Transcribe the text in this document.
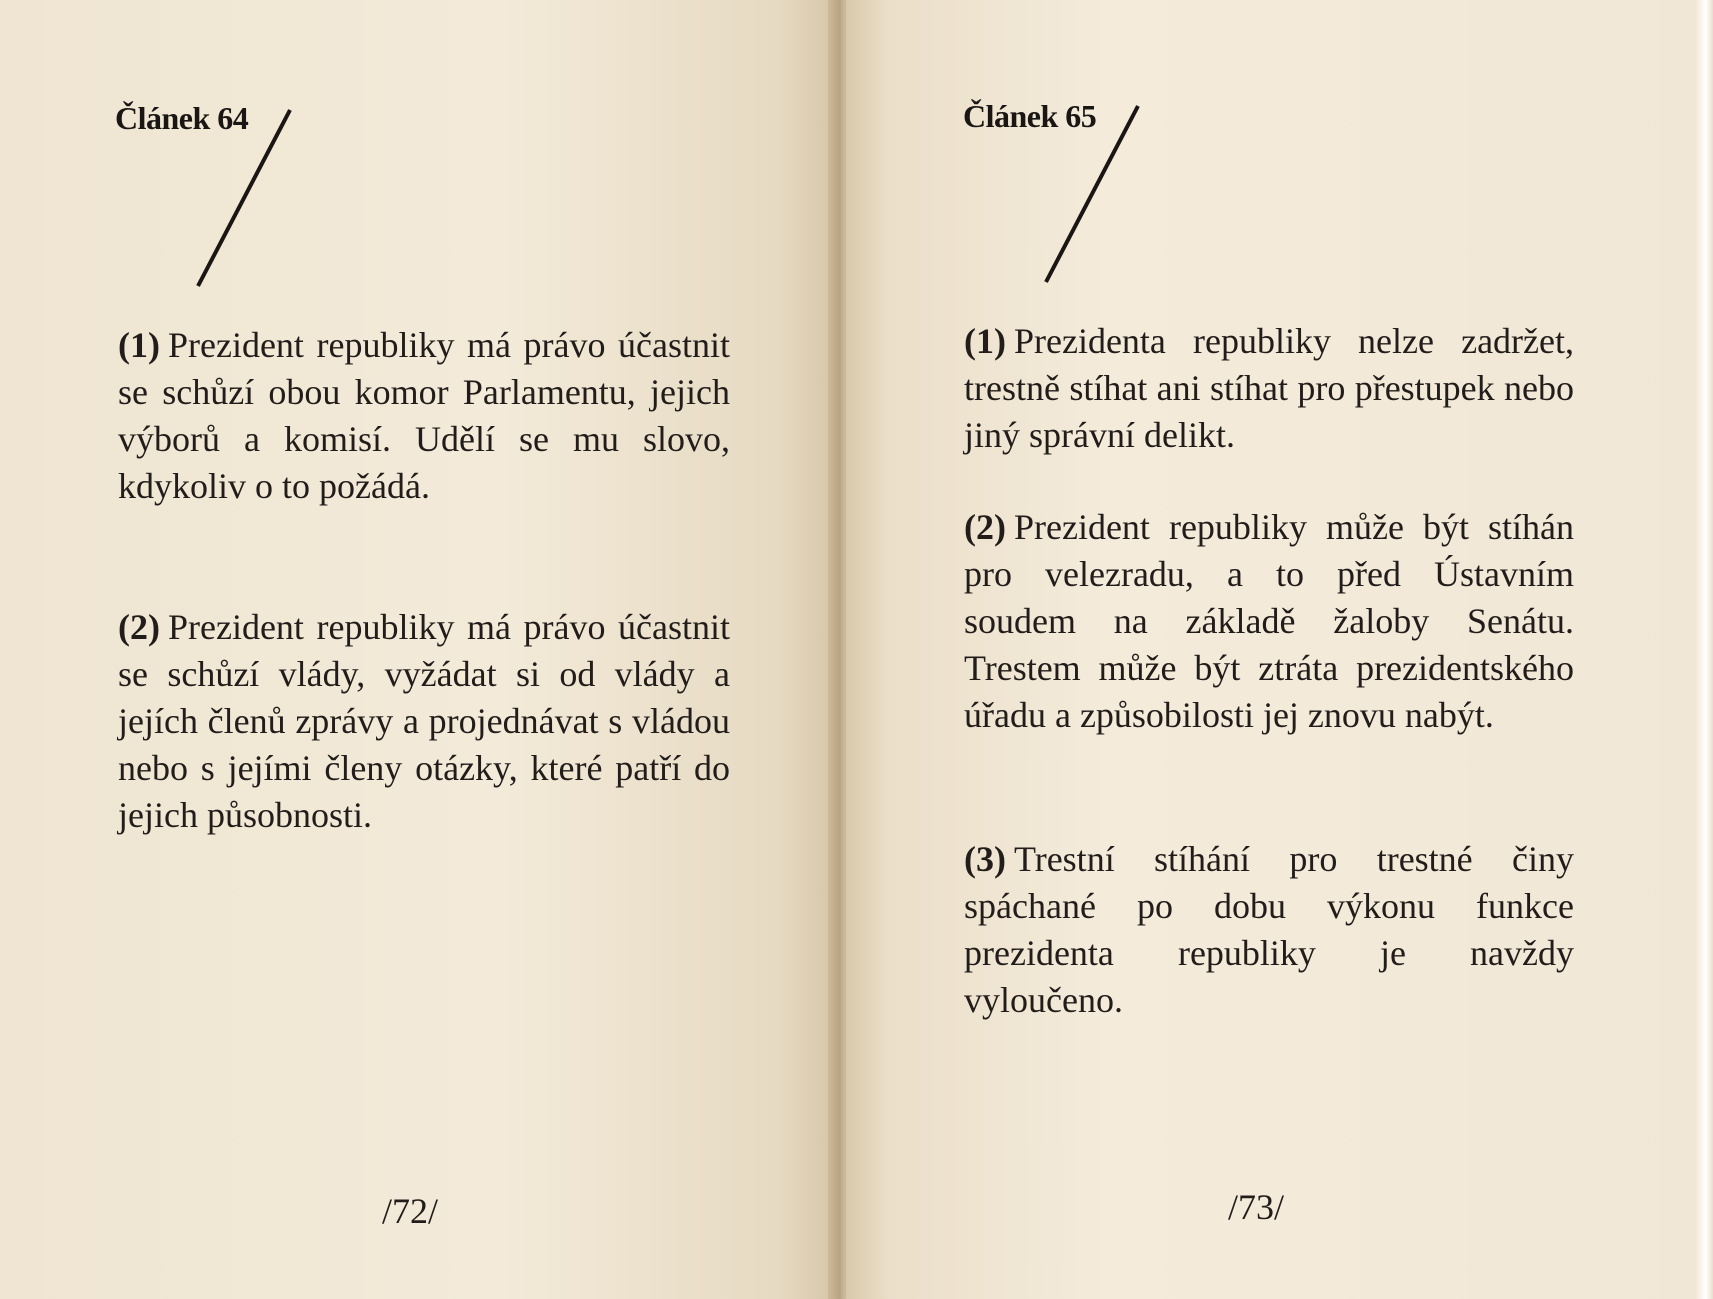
Článek 64
(1) Prezident republiky má právo účastnit se schůzí obou komor Parlamentu, jejich výborů a komisí. Udělí se mu slovo, kdykoliv o to požádá.
(2) Prezident republiky má právo účastnit se schůzí vlády, vyžádat si od vlády a jejích členů zprávy a projednávat s vládou nebo s jejími členy otázky, které patří do jejich působnosti.
/72/
Článek 65
(1) Prezidenta republiky nelze zadržet, trestně stíhat ani stíhat pro přestupek nebo jiný správní delikt.
(2) Prezident republiky může být stíhán pro velezradu, a to před Ústavním soudem na základě žaloby Senátu. Trestem může být ztráta prezidentského úřadu a způsobilosti jej znovu nabýt.
(3) Trestní stíhání pro trestné činy spáchané po dobu výkonu funkce prezidenta republiky je navždy vyloučeno.
/73/
